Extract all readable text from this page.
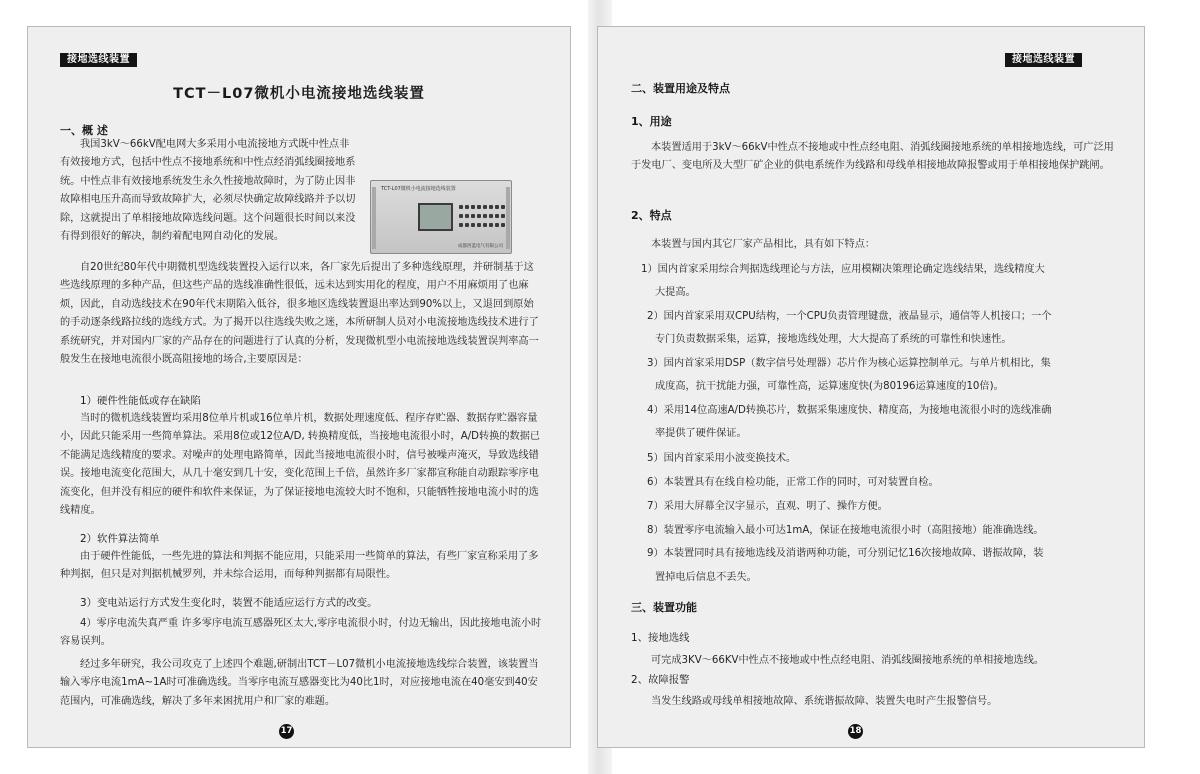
接地选线装置
TCT－L07微机小电流接地选线装置
一、概 述
我国3kV～66kV配电网大多采用小电流接地方式既中性点非有效接地方式，包括中性点不接地系统和中性点经消弧线圈接地系统。中性点非有效接地系统发生永久性接地故障时，为了防止因非故障相电压升高而导致故障扩大，必须尽快确定故障线路并予以切除，这就提出了单相接地故障选线问题。这个问题很长时间以来没有得到很好的解决，制约着配电网自动化的发展。
TCT-L07微机小电流接地选线装置
成都西蓝电气有限公司
自20世纪80年代中期微机型选线装置投入运行以来，各厂家先后提出了多种选线原理，并研制基于这些选线原理的多种产品，但这些产品的选线准确性很低，远未达到实用化的程度，用户不用麻烦用了也麻烦，因此，自动选线技术在90年代末期陷入低谷，很多地区选线装置退出率达到90%以上，又退回到原始的手动逐条线路拉线的选线方式。为了揭开以往选线失败之迷，本所研制人员对小电流接地选线技术进行了系统研究，并对国内厂家的产品存在的问题进行了认真的分析，发现微机型小电流接地选线装置误判率高一般发生在接地电流很小既高阻接地的场合,主要原因是：
1）硬件性能低或存在缺陷
当时的微机选线装置均采用8位单片机或16位单片机，数据处理速度低、程序存贮器、数据存贮器容量小，因此只能采用一些简单算法。采用8位或12位A/D, 转换精度低，当接地电流很小时，A/D转换的数据已不能满足选线精度的要求。对噪声的处理电路简单，因此当接地电流很小时，信号被噪声淹灭，导致选线错误。接地电流变化范围大，从几十毫安到几十安，变化范围上千倍，虽然许多厂家都宣称能自动跟踪零序电流变化，但并没有相应的硬件和软件来保证，为了保证接地电流较大时不饱和，只能牺牲接地电流小时的选线精度。
2）软件算法简单
由于硬件性能低，一些先进的算法和判据不能应用，只能采用一些简单的算法，有些厂家宣称采用了多种判据，但只是对判据机械罗列，并未综合运用，而每种判据都有局限性。
3）变电站运行方式发生变化时，装置不能适应运行方式的改变。
4）零序电流失真严重 许多零序电流互感器死区太大,零序电流很小时，付边无输出，因此接地电流小时容易误判。
经过多年研究，我公司攻克了上述四个难题,研制出TCT－L07微机小电流接地选线综合装置，该装置当输入零序电流1mA~1A时可准确选线。当零序电流互感器变比为40比1时，对应接地电流在40毫安到40安范围内，可准确选线，解决了多年来困扰用户和厂家的难题。
17
接地选线装置
二、装置用途及特点
1、用途
本装置适用于3kV～66kV中性点不接地或中性点经电阻、消弧线圈接地系统的单相接地选线，可广泛用于发电厂、变电所及大型厂矿企业的供电系统作为线路和母线单相接地故障报警或用于单相接地保护跳闸。
2、特点
本装置与国内其它厂家产品相比，具有如下特点：
1）国内首家采用综合判据选线理论与方法，应用模糊决策理论确定选线结果，选线精度大
大提高。
2）国内首家采用双CPU结构，一个CPU负责管理键盘，液晶显示，通信等人机接口；一个
专门负责数据采集，运算，接地选线处理，大大提高了系统的可靠性和快速性。
3）国内首家采用DSP（数字信号处理器）芯片作为核心运算控制单元。与单片机相比，集
成度高，抗干扰能力强，可靠性高，运算速度快(为80196运算速度的10倍)。
4）采用14位高速A/D转换芯片，数据采集速度快、精度高，为接地电流很小时的选线准确
率提供了硬件保证。
5）国内首家采用小波变换技术。
6）本装置具有在线自检功能，正常工作的同时，可对装置自检。
7）采用大屏幕全汉字显示，直观、明了、操作方便。
8）装置零序电流输入最小可达1mA，保证在接地电流很小时（高阻接地）能准确选线。
9）本装置同时具有接地选线及消谐两种功能，可分别记忆16次接地故障、谐振故障，装
置掉电后信息不丢失。
三、装置功能
1、接地选线
可完成3KV～66KV中性点不接地或中性点经电阻、消弧线圈接地系统的单相接地选线。
2、故障报警
当发生线路或母线单相接地故障、系统谐振故障、装置失电时产生报警信号。
18
